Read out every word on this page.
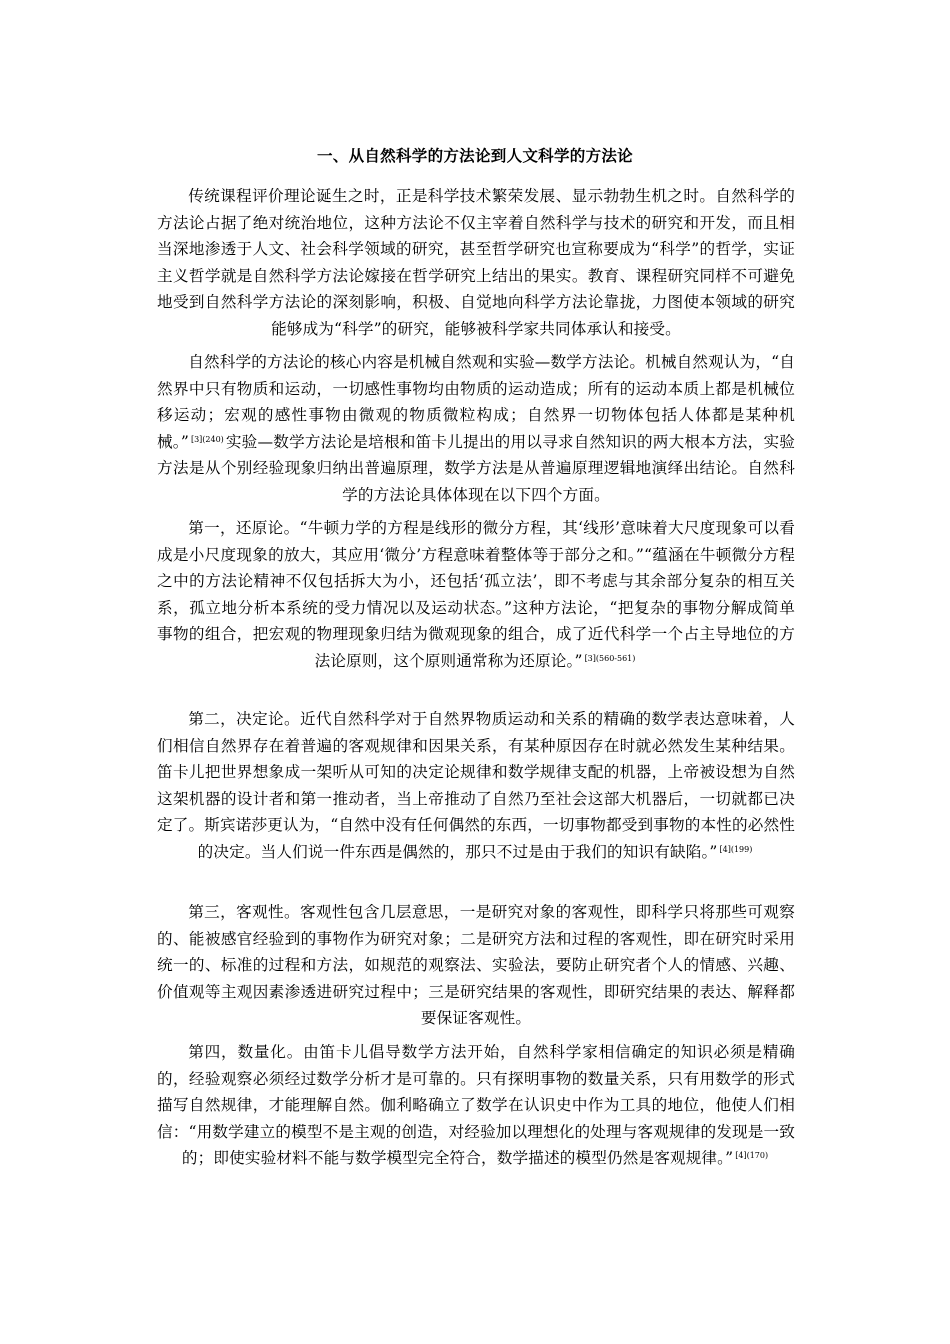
一、从自然科学的方法论到人文科学的方法论
传统课程评价理论诞生之时，正是科学技术繁荣发展、显示勃勃生机之时。自然科学的方法论占据了绝对统治地位，这种方法论不仅主宰着自然科学与技术的研究和开发，而且相当深地渗透于人文、社会科学领域的研究，甚至哲学研究也宣称要成为“科学”的哲学，实证主义哲学就是自然科学方法论嫁接在哲学研究上结出的果实。教育、课程研究同样不可避免地受到自然科学方法论的深刻影响，积极、自觉地向科学方法论靠拢，力图使本领域的研究能够成为“科学”的研究，能够被科学家共同体承认和接受。
自然科学的方法论的核心内容是机械自然观和实验—数学方法论。机械自然观认为，“自然界中只有物质和运动，一切感性事物均由物质的运动造成；所有的运动本质上都是机械位移运动；宏观的感性事物由微观的物质微粒构成；自然界一切物体包括人体都是某种机械。” $^{[3](240)}$ 实验—数学方法论是培根和笛卡儿提出的用以寻求自然知识的两大根本方法，实验方法是从个别经验现象归纳出普遍原理，数学方法是从普遍原理逻辑地演绎出结论。自然科学的方法论具体体现在以下四个方面。
第一，还原论。“牛顿力学的方程是线形的微分方程，其‘线形’意味着大尺度现象可以看成是小尺度现象的放大，其应用‘微分’方程意味着整体等于部分之和。”“蕴涵在牛顿微分方程之中的方法论精神不仅包括拆大为小，还包括‘孤立法’，即不考虑与其余部分复杂的相互关系，孤立地分析本系统的受力情况以及运动状态。”这种方法论，“把复杂的事物分解成简单事物的组合，把宏观的物理现象归结为微观现象的组合，成了近代科学一个占主导地位的方法论原则，这个原则通常称为还原论。” $^{[3](560-561)}$
第二，决定论。近代自然科学对于自然界物质运动和关系的精确的数学表达意味着，人们相信自然界存在着普遍的客观规律和因果关系，有某种原因存在时就必然发生某种结果。笛卡儿把世界想象成一架听从可知的决定论规律和数学规律支配的机器，上帝被设想为自然这架机器的设计者和第一推动者，当上帝推动了自然乃至社会这部大机器后，一切就都已决定了。斯宾诺莎更认为，“自然中没有任何偶然的东西，一切事物都受到事物的本性的必然性的决定。当人们说一件东西是偶然的，那只不过是由于我们的知识有缺陷。” $^{[4](199)}$
第三，客观性。客观性包含几层意思，一是研究对象的客观性，即科学只将那些可观察的、能被感官经验到的事物作为研究对象；二是研究方法和过程的客观性，即在研究时采用统一的、标准的过程和方法，如规范的观察法、实验法，要防止研究者个人的情感、兴趣、价值观等主观因素渗透进研究过程中；三是研究结果的客观性，即研究结果的表达、解释都要保证客观性。
第四，数量化。由笛卡儿倡导数学方法开始，自然科学家相信确定的知识必须是精确的，经验观察必须经过数学分析才是可靠的。只有探明事物的数量关系，只有用数学的形式描写自然规律，才能理解自然。伽利略确立了数学在认识史中作为工具的地位，他使人们相信：“用数学建立的模型不是主观的创造，对经验加以理想化的处理与客观规律的发现是一致的；即使实验材料不能与数学模型完全符合，数学描述的模型仍然是客观规律。” $^{[4](170)}$
